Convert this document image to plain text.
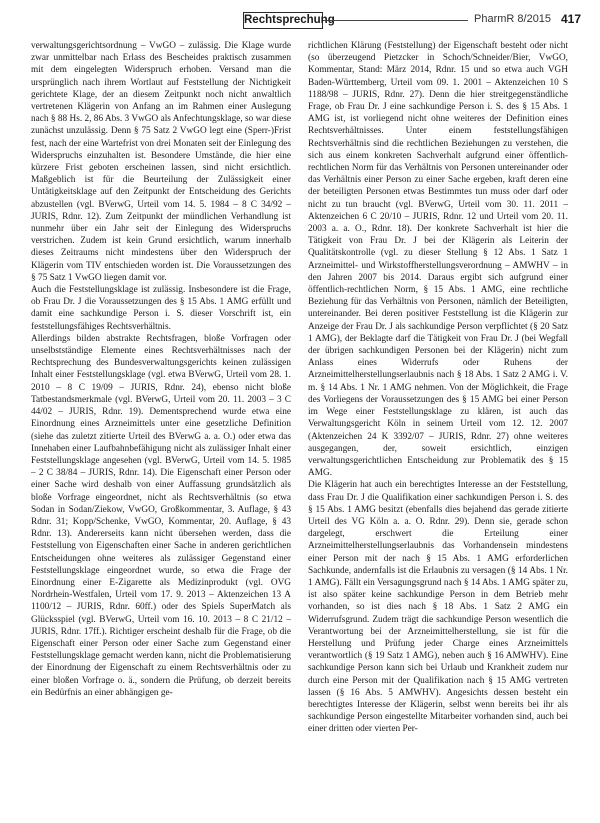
Rechtsprechung	PharmR 8/2015 417

verwaltungsgerichtsordnung – VwGO – zulässig. Die Klage wurde zwar unmittelbar nach Erlass des Bescheides praktisch zusammen mit dem eingelegten Widerspruch erhoben. Versand man die ursprünglich nach ihrem Wortlaut auf Feststellung der Nichtigkeit gerichtete Klage, der an diesem Zeitpunkt noch nicht anwaltlich vertretenen Klägerin von Anfang an im Rahmen einer Auslegung nach § 88 Hs. 2, 86 Abs. 3 VwGO als Anfechtungsklage, so war diese zunächst unzulässig. Denn § 75 Satz 2 VwGO legt eine (Sperr-)Frist fest, nach der eine Wartefrist von drei Monaten seit der Einlegung des Widerspruchs einzuhalten ist. Besondere Umstände, die hier eine kürzere Frist geboten erscheinen lassen, sind nicht ersichtlich. Maßgeblich ist für die Beurteilung der Zulässigkeit einer Untätigkeitsklage auf den Zeitpunkt der Entscheidung des Gerichts abzustellen (vgl. BVerwG, Urteil vom 14. 5. 1984 – 8 C 34/92 – JURIS, Rdnr. 12). Zum Zeitpunkt der mündlichen Verhandlung ist nunmehr über ein Jahr seit der Einlegung des Widerspruchs verstrichen. Zudem ist kein Grund ersichtlich, warum innerhalb dieses Zeitraums nicht mindestens über den Widerspruch der Klägerin vom TIV entschieden worden ist. Die Voraussetzungen des § 75 Satz 1 VwGO liegen damit vor.

Auch die Feststellungsklage ist zulässig. Insbesondere ist die Frage, ob Frau Dr. J die Voraussetzungen des § 15 Abs. 1 AMG erfüllt und damit eine sachkundige Person i. S. dieser Vorschrift ist, ein feststellungsfähiges Rechtsverhältnis.

Allerdings bilden abstrakte Rechtsfragen, bloße Vorfragen oder unselbstständige Elemente eines Rechtsverhältnisses nach der Rechtsprechung des Bundesverwaltungsgerichts keinen zulässigen Inhalt einer Feststellungsklage (vgl. etwa BVerwG, Urteil vom 28. 1. 2010 – 8 C 19/09 – JURIS, Rdnr. 24), ebenso nicht bloße Tatbestandsmerkmale (vgl. BVerwG, Urteil vom 20. 11. 2003 – 3 C 44/02 – JURIS, Rdnr. 19). Dementsprechend wurde etwa eine Einordnung eines Arzneimittels unter eine gesetzliche Definition (siehe das zuletzt zitierte Urteil des BVerwG a. a. O.) oder etwa das Innehaben einer Laufbahnbefähigung nicht als zulässiger Inhalt einer Feststellungsklage angesehen (vgl. BVerwG, Urteil vom 14. 5. 1985 – 2 C 38/84 – JURIS, Rdnr. 14). Die Eigenschaft einer Person oder einer Sache wird deshalb von einer Auffassung grundsätzlich als bloße Vorfrage eingeordnet, nicht als Rechtsverhältnis (so etwa Sodan in Sodan/Ziekow, VwGO, Großkommentar, 3. Auflage, § 43 Rdnr. 31; Kopp/Schenke, VwGO, Kommentar, 20. Auflage, § 43 Rdnr. 13). Andererseits kann nicht übersehen werden, dass die Feststellung von Eigenschaften einer Sache in anderen gerichtlichen Entscheidungen ohne weiteres als zulässiger Gegenstand einer Feststellungsklage eingeordnet wurde, so etwa die Frage der Einordnung einer E-Zigarette als Medizinprodukt (vgl. OVG Nordrhein-Westfalen, Urteil vom 17. 9. 2013 – Aktenzeichen 13 A 1100/12 – JURIS, Rdnr. 60ff.) oder des Spiels SuperMatch als Glücksspiel (vgl. BVerwG, Urteil vom 16. 10. 2013 – 8 C 21/12 – JURIS, Rdnr. 17ff.). Richtiger erscheint deshalb für die Frage, ob die Eigenschaft einer Person oder einer Sache zum Gegenstand einer Feststellungsklage gemacht werden kann, nicht die Problematisierung der Einordnung der Eigenschaft zu einem Rechtsverhältnis oder zu einer bloßen Vorfrage o. ä., sondern die Prüfung, ob derzeit bereits ein Bedürfnis an einer abhängigen ge-

richtlichen Klärung (Feststellung) der Eigenschaft besteht oder nicht (so überzeugend Pietzcker in Schoch/Schneider/Bier, VwGO, Kommentar, Stand: März 2014, Rdnr. 15 und so etwa auch VGH Baden-Württemberg, Urteil vom 09. 1. 2001 – Aktenzeichen 10 S 1188/98 – JURIS, Rdnr. 27). Denn die hier streitgegenständliche Frage, ob Frau Dr. J eine sachkundige Person i. S. des § 15 Abs. 1 AMG ist, ist vorliegend nicht ohne weiteres der Definition eines Rechtsverhältnisses. Unter einem feststellungsfähigen Rechtsverhältnis sind die rechtlichen Beziehungen zu verstehen, die sich aus einem konkreten Sachverhalt aufgrund einer öffentlich-rechtlichen Norm für das Verhältnis von Personen untereinander oder das Verhältnis einer Person zu einer Sache ergeben, kraft deren eine der beteiligten Personen etwas Bestimmtes tun muss oder darf oder nicht zu tun braucht (vgl. BVerwG, Urteil vom 30. 11. 2011 – Aktenzeichen 6 C 20/10 – JURIS, Rdnr. 12 und Urteil vom 20. 11. 2003 a. a. O., Rdnr. 18). Der konkrete Sachverhalt ist hier die Tätigkeit von Frau Dr. J bei der Klägerin als Leiterin der Qualitätskontrolle (vgl. zu dieser Stellung § 12 Abs. 1 Satz 1 Arzneimittel- und Wirkstoffherstellungsverordnung – AMWHV – in den Jahren 2007 bis 2014. Daraus ergibt sich aufgrund einer öffentlich-rechtlichen Norm, § 15 Abs. 1 AMG, eine rechtliche Beziehung für das Verhältnis von Personen, nämlich der Beteiligten, untereinander. Bei deren positiver Feststellung ist die Klägerin zur Anzeige der Frau Dr. J als sachkundige Person verpflichtet (§ 20 Satz 1 AMG), der Beklagte darf die Tätigkeit von Frau Dr. J (bei Wegfall der übrigen sachkundigen Personen bei der Klägerin) nicht zum Anlass eines Widerrufs oder Ruhens der Arzneimittelherstellungserlaubnis nach § 18 Abs. 1 Satz 2 AMG i. V. m. § 14 Abs. 1 Nr. 1 AMG nehmen. Von der Möglichkeit, die Frage des Vorliegens der Voraussetzungen des § 15 AMG bei einer Person im Wege einer Feststellungsklage zu klären, ist auch das Verwaltungsgericht Köln in seinem Urteil vom 12. 12. 2007 (Aktenzeichen 24 K 3392/07 – JURIS, Rdnr. 27) ohne weiteres ausgegangen, der, soweit ersichtlich, einzigen verwaltungsgerichtlichen Entscheidung zur Problematik des § 15 AMG.

Die Klägerin hat auch ein berechtigtes Interesse an der Feststellung, dass Frau Dr. J die Qualifikation einer sachkundigen Person i. S. des § 15 Abs. 1 AMG besitzt (ebenfalls dies bejahend das gerade zitierte Urteil des VG Köln a. a. O. Rdnr. 29). Denn sie, gerade schon dargelegt, erschwert die Erteilung einer Arzneimittelherstellungserlaubnis das Vorhandensein mindestens einer Person mit der nach § 15 Abs. 1 AMG erforderlichen Sachkunde, andernfalls ist die Erlaubnis zu versagen (§ 14 Abs. 1 Nr. 1 AMG). Fällt ein Versagungsgrund nach § 14 Abs. 1 AMG später zu, ist also später keine sachkundige Person in dem Betrieb mehr vorhanden, so ist dies nach § 18 Abs. 1 Satz 2 AMG ein Widerrufsgrund. Zudem trägt die sachkundige Person wesentlich die Verantwortung bei der Arzneimittelherstellung, sie ist für die Herstellung und Prüfung jeder Charge eines Arzneimittels verantwortlich (§ 19 Satz 1 AMG), neben auch § 16 AMWHV). Eine sachkundige Person kann sich bei Urlaub und Krankheit zudem nur durch eine Person mit der Qualifikation nach § 15 AMG vertreten lassen (§ 16 Abs. 5 AMWHV). Angesichts dessen besteht ein berechtigtes Interesse der Klägerin, selbst wenn bereits bei ihr als sachkundige Person eingestellte Mitarbeiter vorhanden sind, auch bei einer dritten oder vierten Per-
